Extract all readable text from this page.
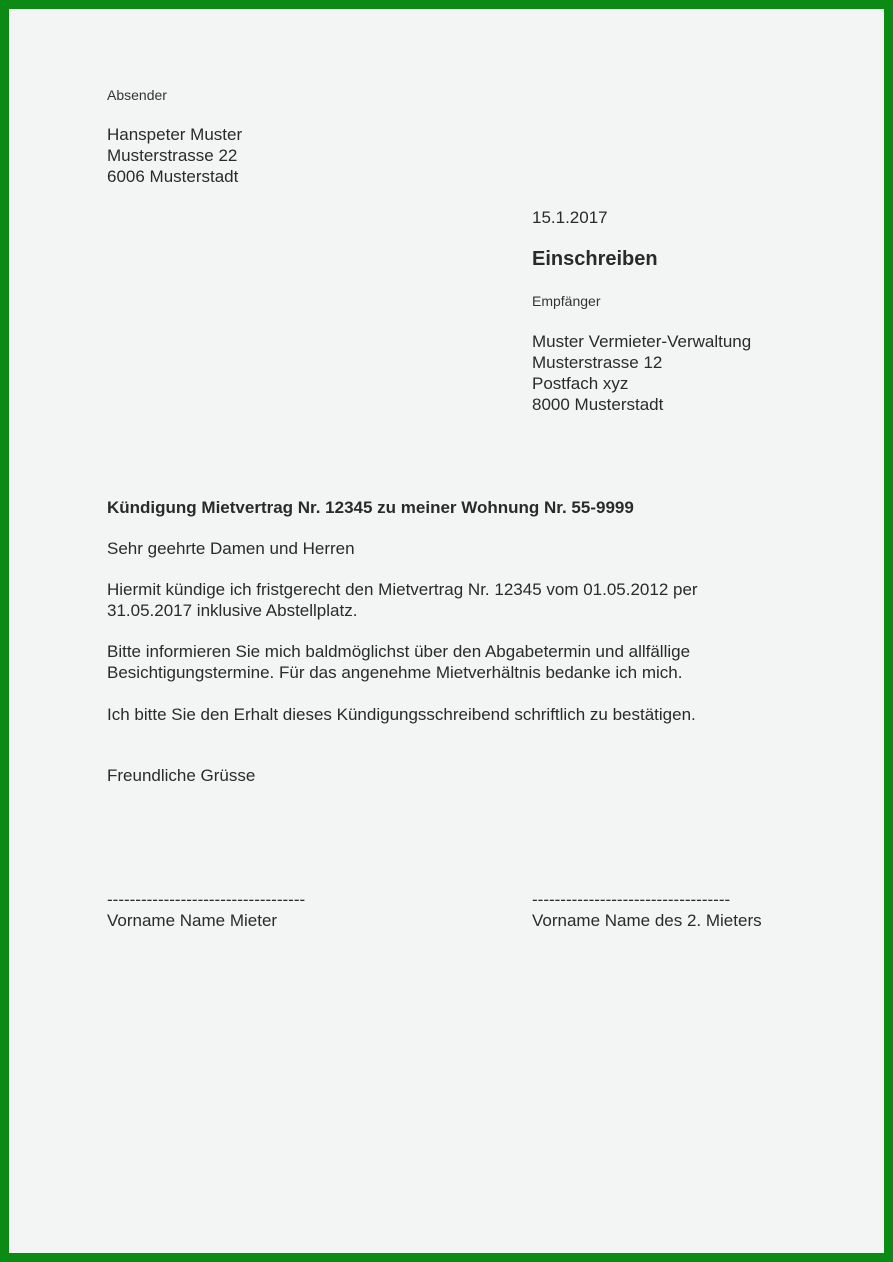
Absender
Hanspeter Muster
Musterstrasse 22
6006 Musterstadt
15.1.2017
Einschreiben
Empfänger
Muster Vermieter-Verwaltung
Musterstrasse 12
Postfach xyz
8000 Musterstadt
Kündigung Mietvertrag Nr. 12345 zu meiner Wohnung Nr. 55-9999
Sehr geehrte Damen und Herren
Hiermit kündige ich fristgerecht den Mietvertrag Nr. 12345 vom 01.05.2012 per
31.05.2017 inklusive Abstellplatz.
Bitte informieren Sie mich baldmöglichst über den Abgabetermin und allfällige
Besichtigungstermine. Für das angenehme Mietverhältnis bedanke ich mich.
Ich bitte Sie den Erhalt dieses Kündigungsschreibend schriftlich zu bestätigen.
Freundliche Grüsse
-----------------------------------
Vorname Name Mieter
-----------------------------------
Vorname Name des 2. Mieters
